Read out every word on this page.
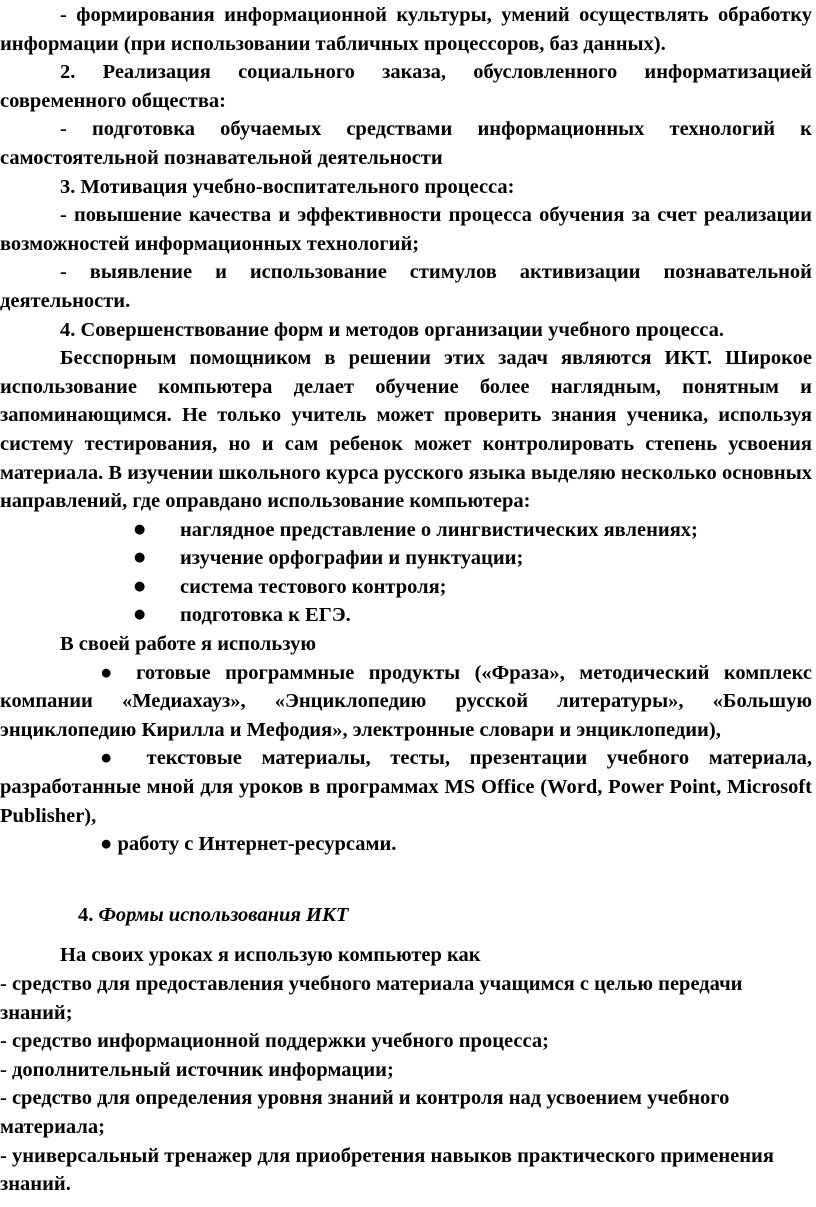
- формирования информационной культуры, умений осуществлять обработку информации (при использовании табличных процессоров, баз данных).

2. Реализация социального заказа, обусловленного информатизацией современного общества:

- подготовка обучаемых средствами информационных технологий к самостоятельной познавательной деятельности

3. Мотивация учебно-воспитательного процесса:

- повышение качества и эффективности процесса обучения за счет реализации возможностей информационных технологий;

- выявление и использование стимулов активизации познавательной деятельности.

4. Совершенствование форм и методов организации учебного процесса.

Бесспорным помощником в решении этих задач являются ИКТ. Широкое использование компьютера делает обучение более наглядным, понятным и запоминающимся. Не только учитель может проверить знания ученика, используя систему тестирования, но и сам ребенок может контролировать степень усвоения материала. В изучении школьного курса русского языка выделяю несколько основных направлений, где оправдано использование компьютера:

● наглядное представление о лингвистических явлениях;
● изучение орфографии и пунктуации;
● система тестового контроля;
● подготовка к ЕГЭ.

В своей работе я использую

● готовые программные продукты («Фраза», методический комплекс компании «Медиахауз», «Энциклопедию русской литературы», «Большую энциклопедию Кирилла и Мефодия», электронные словари и энциклопедии),

● текстовые материалы, тесты, презентации учебного материала, разработанные мной для уроков в программах MS Office (Word, Power Point, Microsoft Publisher),

● работу с Интернет-ресурсами.

4. Формы использования ИКТ

На своих уроках я использую компьютер как

- средство для предоставления учебного материала учащимся с целью передачи знаний;

- средство информационной поддержки учебного процесса;

- дополнительный источник информации;

- средство для определения уровня знаний и контроля над усвоением учебного материала;

- универсальный тренажер для приобретения навыков практического применения знаний.
